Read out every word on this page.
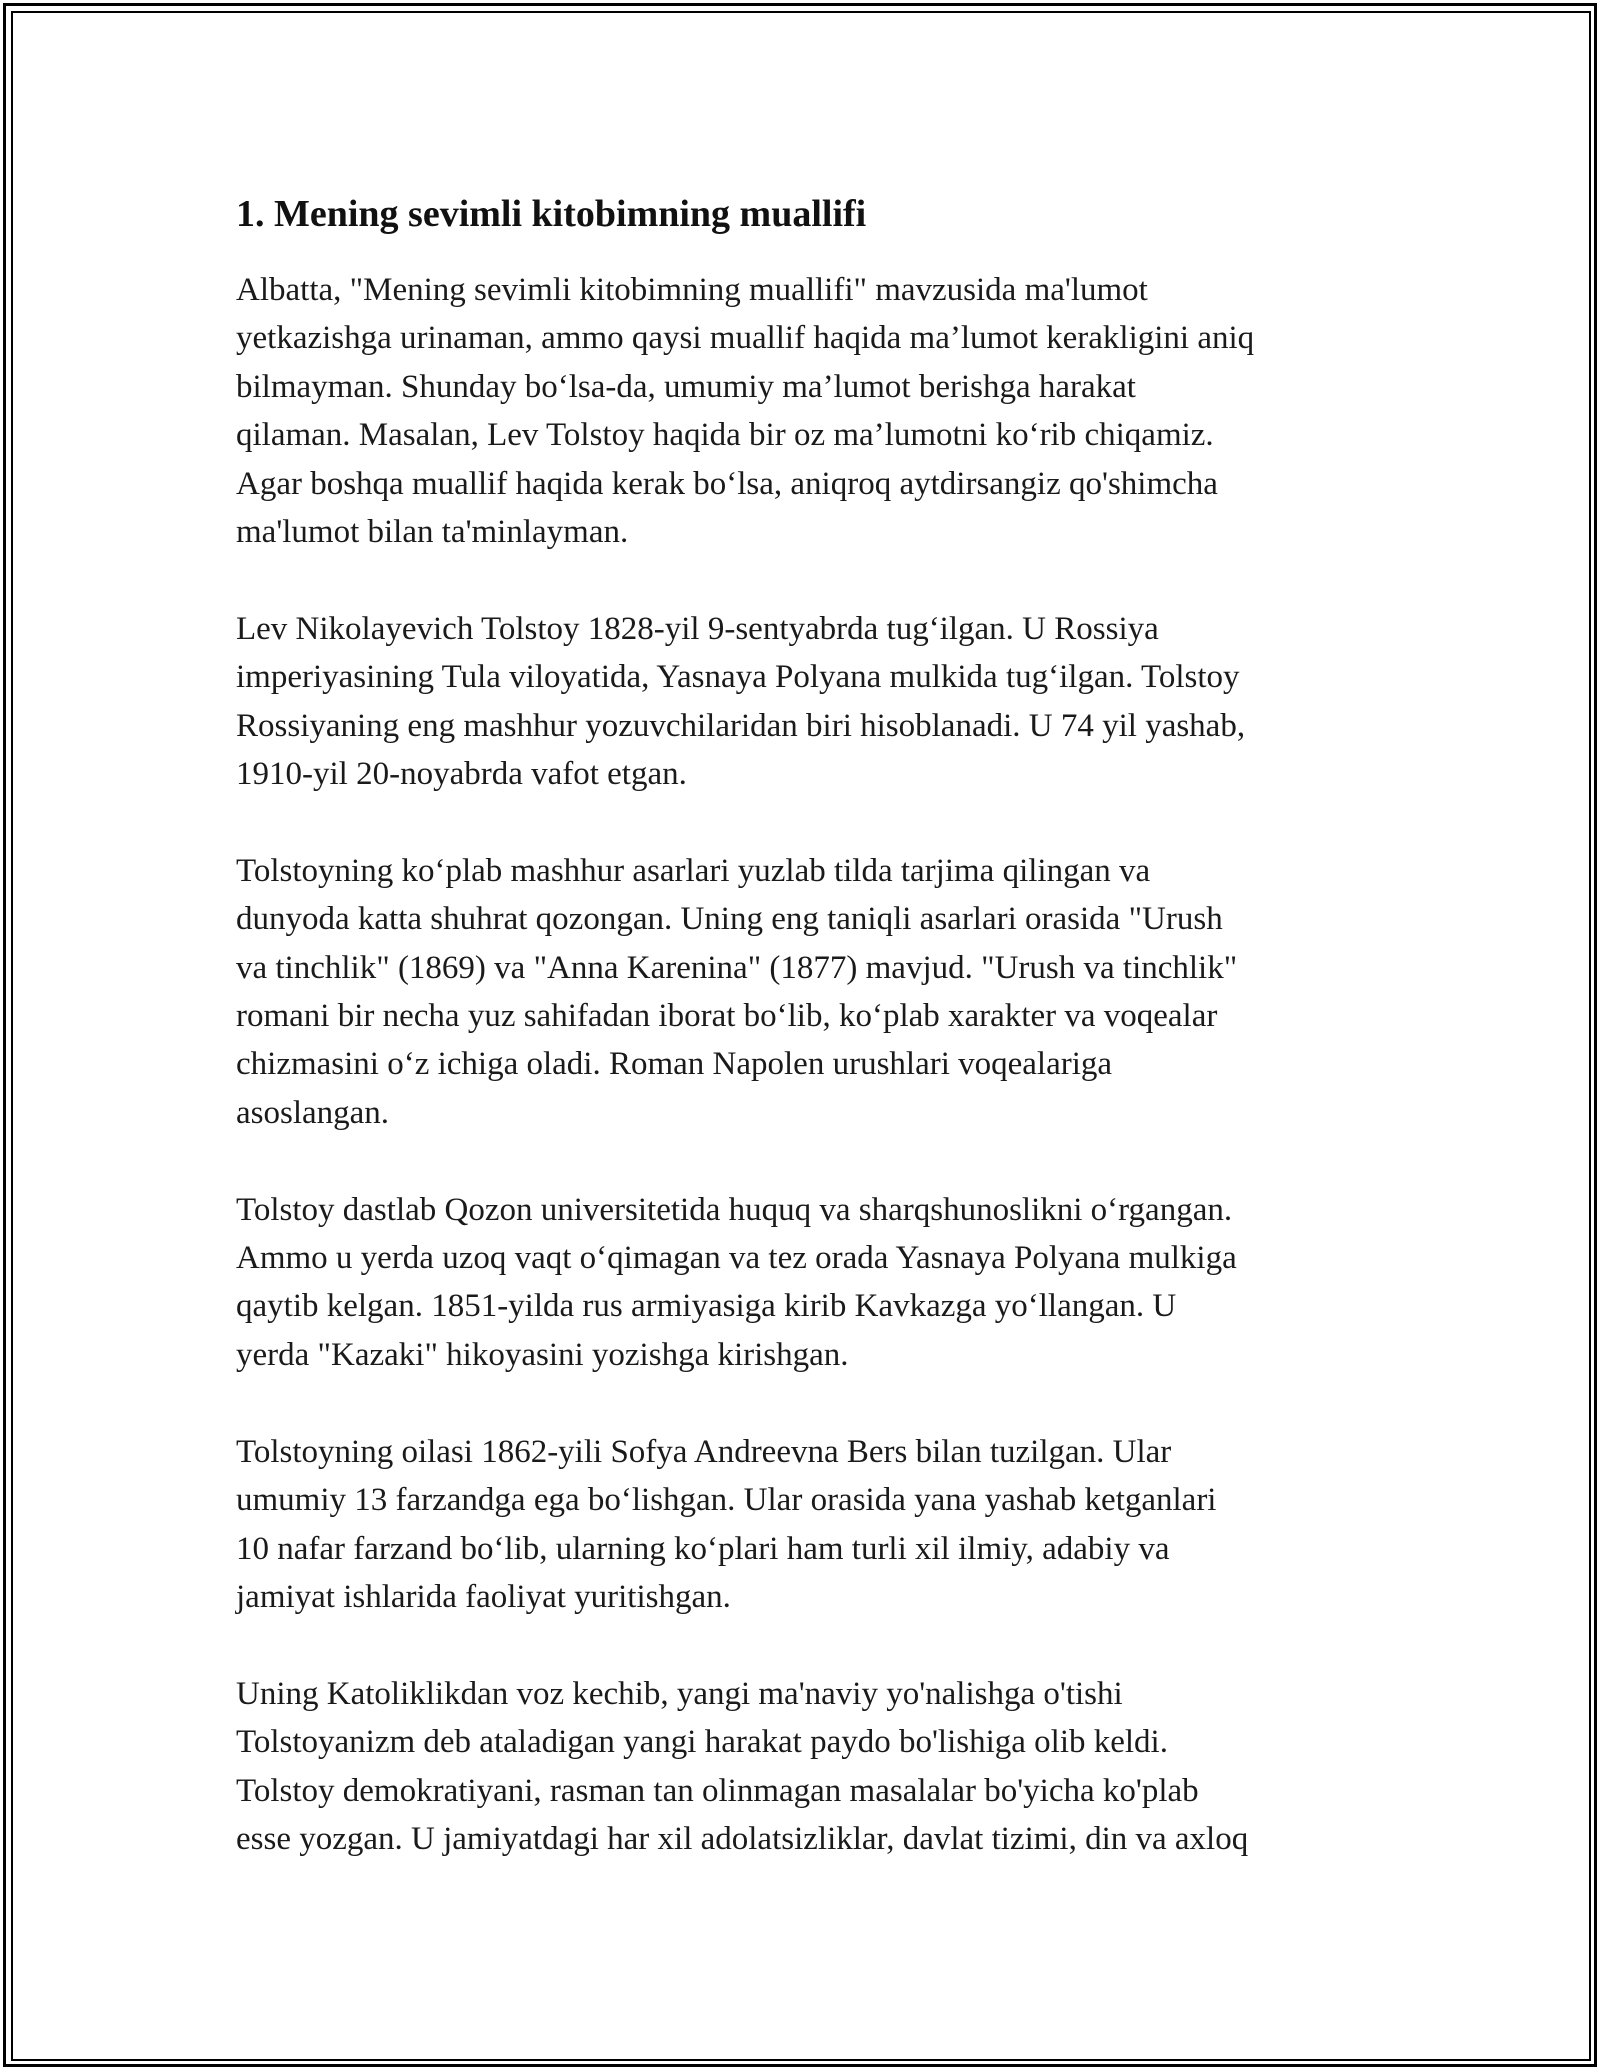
1. Mening sevimli kitobimning muallifi

Albatta, "Mening sevimli kitobimning muallifi" mavzusida ma'lumot
yetkazishga urinaman, ammo qaysi muallif haqida ma’lumot kerakligini aniq
bilmayman. Shunday bo‘lsa-da, umumiy ma’lumot berishga harakat
qilaman. Masalan, Lev Tolstoy haqida bir oz ma’lumotni ko‘rib chiqamiz.
Agar boshqa muallif haqida kerak bo‘lsa, aniqroq aytdirsangiz qo'shimcha
ma'lumot bilan ta'minlayman.

Lev Nikolayevich Tolstoy 1828-yil 9-sentyabrda tug‘ilgan. U Rossiya
imperiyasining Tula viloyatida, Yasnaya Polyana mulkida tug‘ilgan. Tolstoy
Rossiyaning eng mashhur yozuvchilaridan biri hisoblanadi. U 74 yil yashab,
1910-yil 20-noyabrda vafot etgan.

Tolstoyning ko‘plab mashhur asarlari yuzlab tilda tarjima qilingan va
dunyoda katta shuhrat qozongan. Uning eng taniqli asarlari orasida "Urush
va tinchlik" (1869) va "Anna Karenina" (1877) mavjud. "Urush va tinchlik"
romani bir necha yuz sahifadan iborat bo‘lib, ko‘plab xarakter va voqealar
chizmasini o‘z ichiga oladi. Roman Napolen urushlari voqealariga
asoslangan.

Tolstoy dastlab Qozon universitetida huquq va sharqshunoslikni o‘rgangan.
Ammo u yerda uzoq vaqt o‘qimagan va tez orada Yasnaya Polyana mulkiga
qaytib kelgan. 1851-yilda rus armiyasiga kirib Kavkazga yo‘llangan. U
yerda "Kazaki" hikoyasini yozishga kirishgan.

Tolstoyning oilasi 1862-yili Sofya Andreevna Bers bilan tuzilgan. Ular
umumiy 13 farzandga ega bo‘lishgan. Ular orasida yana yashab ketganlari
10 nafar farzand bo‘lib, ularning ko‘plari ham turli xil ilmiy, adabiy va
jamiyat ishlarida faoliyat yuritishgan.

Uning Katoliklikdan voz kechib, yangi ma'naviy yo'nalishga o'tishi
Tolstoyanizm deb ataladigan yangi harakat paydo bo'lishiga olib keldi.
Tolstoy demokratiyani, rasman tan olinmagan masalalar bo'yicha ko'plab
esse yozgan. U jamiyatdagi har xil adolatsizliklar, davlat tizimi, din va axloq
